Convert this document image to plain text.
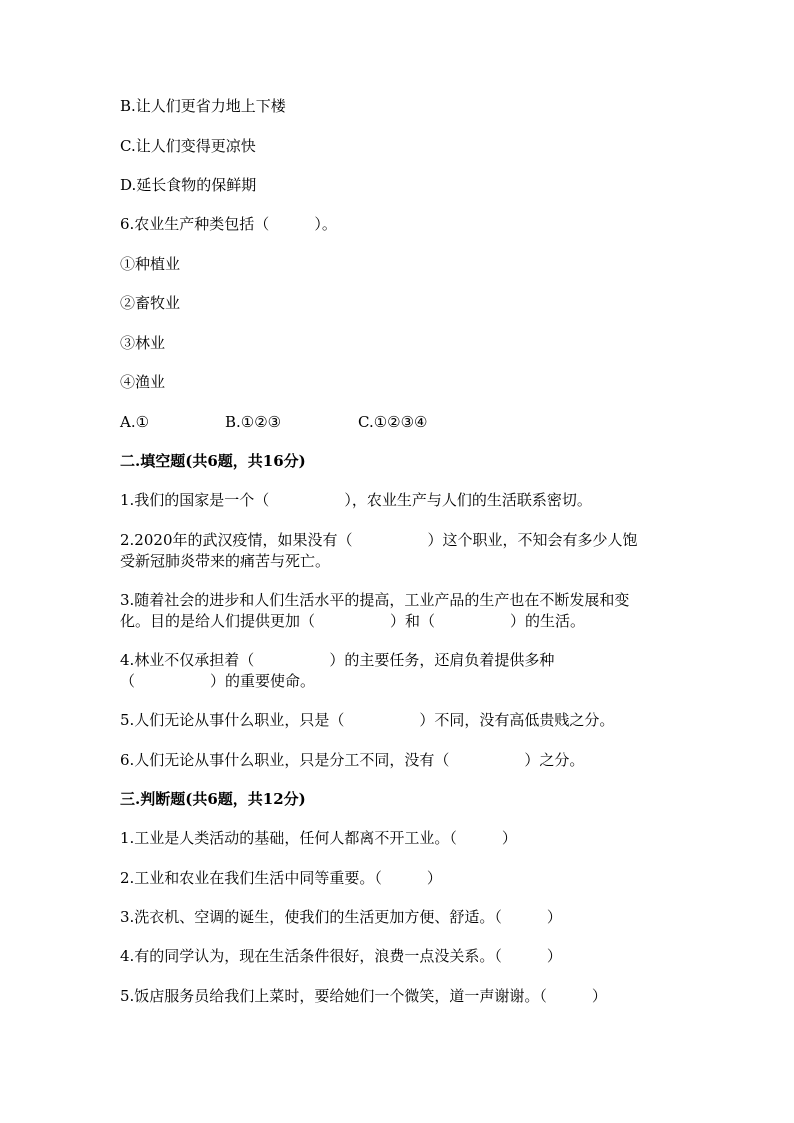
B.让人们更省力地上下楼
C.让人们变得更凉快
D.延长食物的保鲜期
6.农业生产种类包括（　　　）。
①种植业
②畜牧业
③林业
④渔业
A.①	B.①②③	C.①②③④
二.填空题(共6题，共16分)
1.我们的国家是一个（　　　　　），农业生产与人们的生活联系密切。
2.2020年的武汉疫情，如果没有（　　　　　）这个职业，不知会有多少人饱
受新冠肺炎带来的痛苦与死亡。
3.随着社会的进步和人们生活水平的提高，工业产品的生产也在不断发展和变
化。目的是给人们提供更加（　　　　　）和（　　　　　）的生活。
4.林业不仅承担着（　　　　　）的主要任务，还肩负着提供多种
（　　　　　）的重要使命。
5.人们无论从事什么职业，只是（　　　　　）不同，没有高低贵贱之分。
6.人们无论从事什么职业，只是分工不同，没有（　　　　　）之分。
三.判断题(共6题，共12分)
1.工业是人类活动的基础，任何人都离不开工业。（　　　）
2.工业和农业在我们生活中同等重要。（　　　）
3.洗衣机、空调的诞生，使我们的生活更加方便、舒适。（　　　）
4.有的同学认为，现在生活条件很好，浪费一点没关系。（　　　）
5.饭店服务员给我们上菜时，要给她们一个微笑，道一声谢谢。（　　　）
